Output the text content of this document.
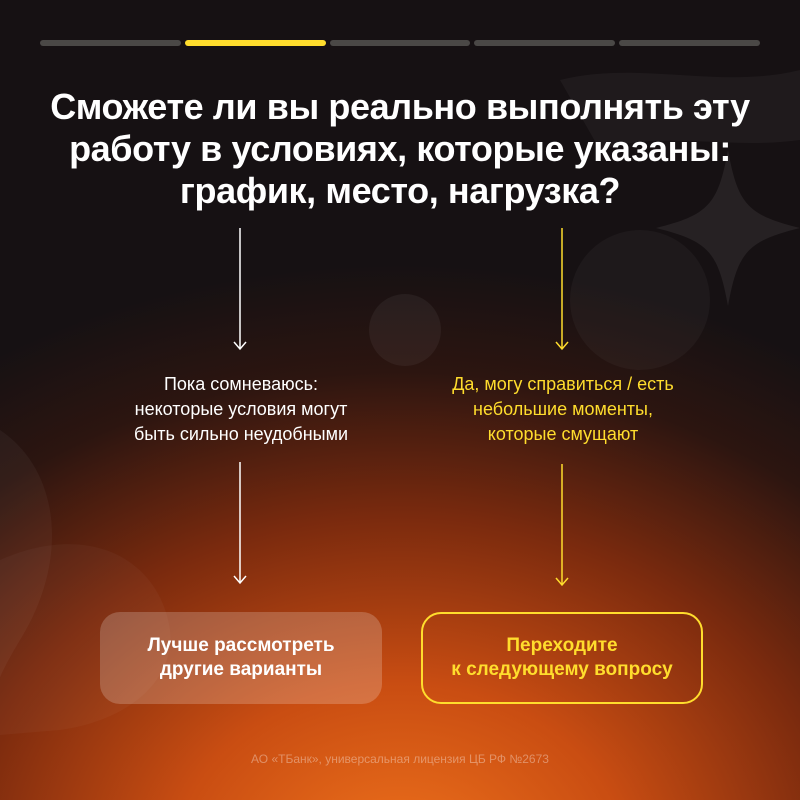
Сможете ли вы реально выполнять эту
работу в условиях, которые указаны:
график, место, нагрузка?
Пока сомневаюсь:
некоторые условия могут
быть сильно неудобными
Да, могу справиться / есть
небольшие моменты,
которые смущают
Лучше рассмотреть
другие варианты
Переходите
к следующему вопросу
АО «ТБанк», универсальная лицензия ЦБ РФ №2673
